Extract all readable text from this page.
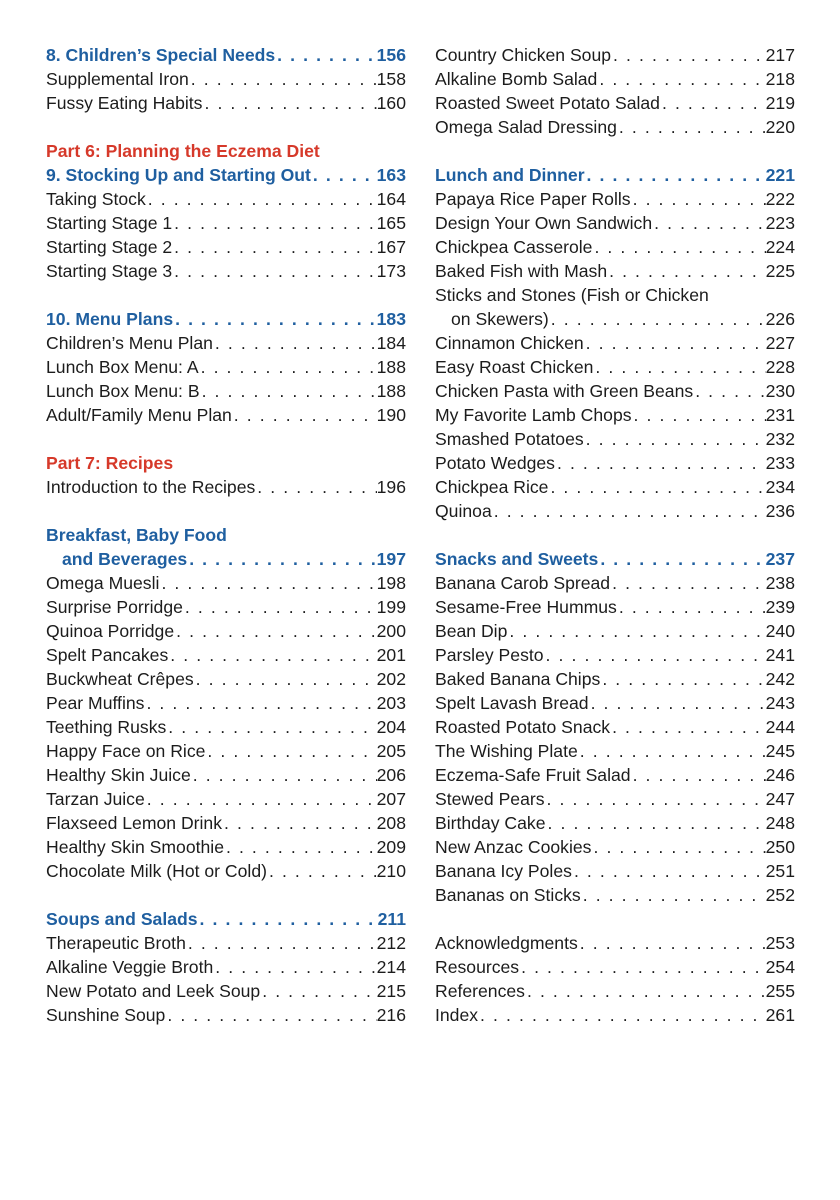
8. Children’s Special Needs . . .	156
Supplemental Iron . . .	158
Fussy Eating Habits . . .	160
Part 6: Planning the Eczema Diet
9. Stocking Up and Starting Out . . .	163
Taking Stock . . .	164
Starting Stage 1 . . .	165
Starting Stage 2 . . .	167
Starting Stage 3 . . .	173
10. Menu Plans . . .	183
Children’s Menu Plan . . .	184
Lunch Box Menu: A . . .	188
Lunch Box Menu: B . . .	188
Adult/Family Menu Plan . . .	190
Part 7: Recipes
Introduction to the Recipes . . .	196
Breakfast, Baby Food
and Beverages . . .	197
Omega Muesli . . .	198
Surprise Porridge . . .	199
Quinoa Porridge . . .	200
Spelt Pancakes . . .	201
Buckwheat Crêpes . . .	202
Pear Muffins . . .	203
Teething Rusks . . .	204
Happy Face on Rice . . .	205
Healthy Skin Juice . . .	206
Tarzan Juice . . .	207
Flaxseed Lemon Drink . . .	208
Healthy Skin Smoothie . . .	209
Chocolate Milk (Hot or Cold) . . .	210
Soups and Salads . . .	211
Therapeutic Broth . . .	212
Alkaline Veggie Broth . . .	214
New Potato and Leek Soup . . .	215
Sunshine Soup . . .	216
Country Chicken Soup . . .	217
Alkaline Bomb Salad . . .	218
Roasted Sweet Potato Salad . . .	219
Omega Salad Dressing . . .	220
Lunch and Dinner . . .	221
Papaya Rice Paper Rolls . . .	222
Design Your Own Sandwich . . .	223
Chickpea Casserole . . .	224
Baked Fish with Mash . . .	225
Sticks and Stones (Fish or Chicken
on Skewers) . . .	226
Cinnamon Chicken . . .	227
Easy Roast Chicken . . .	228
Chicken Pasta with Green Beans . . .	230
My Favorite Lamb Chops . . .	231
Smashed Potatoes . . .	232
Potato Wedges . . .	233
Chickpea Rice . . .	234
Quinoa . . .	236
Snacks and Sweets . . .	237
Banana Carob Spread . . .	238
Sesame-Free Hummus . . .	239
Bean Dip . . .	240
Parsley Pesto . . .	241
Baked Banana Chips . . .	242
Spelt Lavash Bread . . .	243
Roasted Potato Snack . . .	244
The Wishing Plate . . .	245
Eczema-Safe Fruit Salad . . .	246
Stewed Pears . . .	247
Birthday Cake . . .	248
New Anzac Cookies . . .	250
Banana Icy Poles . . .	251
Bananas on Sticks . . .	252
Acknowledgments . . .	253
Resources . . .	254
References . . .	255
Index . . .	261
